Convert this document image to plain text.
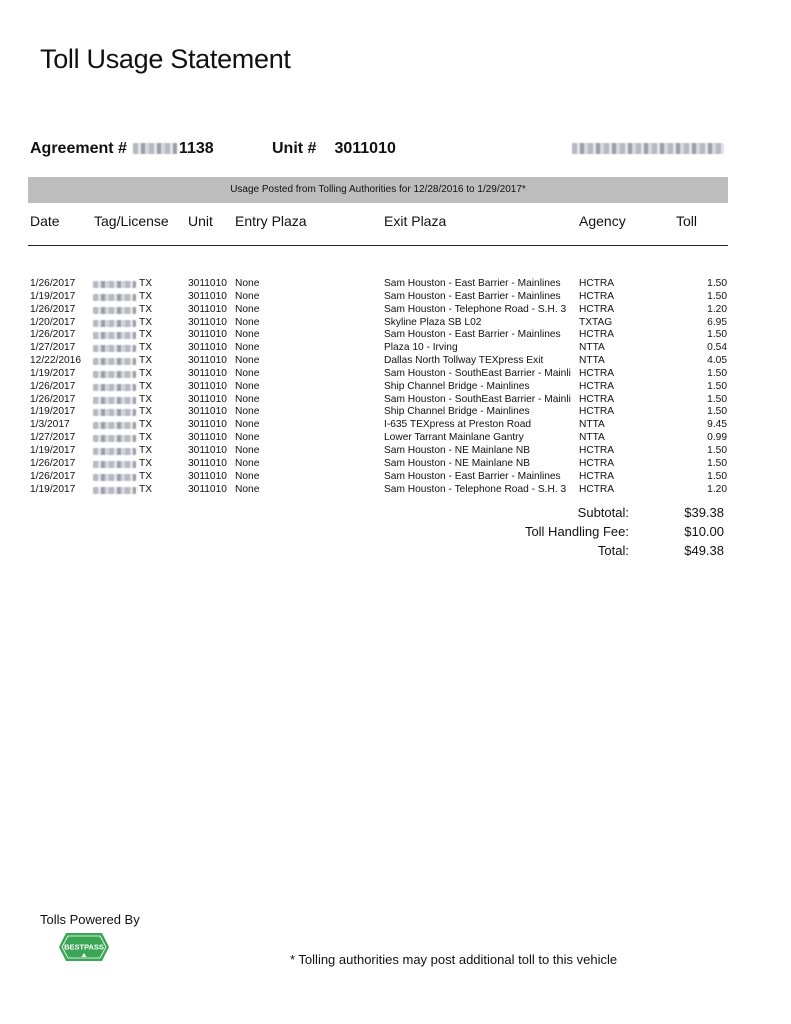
Toll Usage Statement
Agreement #	1138	Unit # 3011010
Usage Posted from Tolling Authorities for 12/28/2016 to 1/29/2017*
Date Tag/License Unit Entry Plaza	Exit Plaza	Agency	Toll
1/26/2017	TX	3011010 None	Sam Houston - East Barrier - Mainlines	HCTRA	1.50
1/19/2017	TX	3011010 None	Sam Houston - East Barrier - Mainlines	HCTRA	1.50
1/26/2017	TX	3011010 None	Sam Houston - Telephone Road - S.H. 3	HCTRA	1.20
1/20/2017	TX	3011010 None	Skyline Plaza SB L02	TXTAG	6.95
1/26/2017	TX	3011010 None	Sam Houston - East Barrier - Mainlines	HCTRA	1.50
1/27/2017	TX	3011010 None	Plaza 10 - Irving	NTTA	0.54
12/22/2016	TX	3011010 None	Dallas North Tollway TEXpress Exit	NTTA	4.05
1/19/2017	TX	3011010 None	Sam Houston - SouthEast Barrier - Mainli HCTRA	1.50
1/26/2017	TX	3011010 None	Ship Channel Bridge - Mainlines	HCTRA	1.50
1/26/2017	TX	3011010 None	Sam Houston - SouthEast Barrier - Mainli HCTRA	1.50
1/19/2017	TX	3011010 None	Ship Channel Bridge - Mainlines	HCTRA	1.50
1/3/2017	TX	3011010 None	I-635 TEXpress at Preston Road	NTTA	9.45
1/27/2017	TX	3011010 None	Lower Tarrant Mainlane Gantry	NTTA	0.99
1/19/2017	TX	3011010 None	Sam Houston - NE Mainlane NB	HCTRA	1.50
1/26/2017	TX	3011010 None	Sam Houston - NE Mainlane NB	HCTRA	1.50
1/26/2017	TX	3011010 None	Sam Houston - East Barrier - Mainlines	HCTRA	1.50
1/19/2017	TX	3011010 None	Sam Houston - Telephone Road - S.H. 3	HCTRA	1.20
Subtotal:	$39.38
Toll Handling Fee:	$10.00
Total:	$49.38
Tolls Powered By
BESTPASS
* Tolling authorities may post additional toll to this vehicle
